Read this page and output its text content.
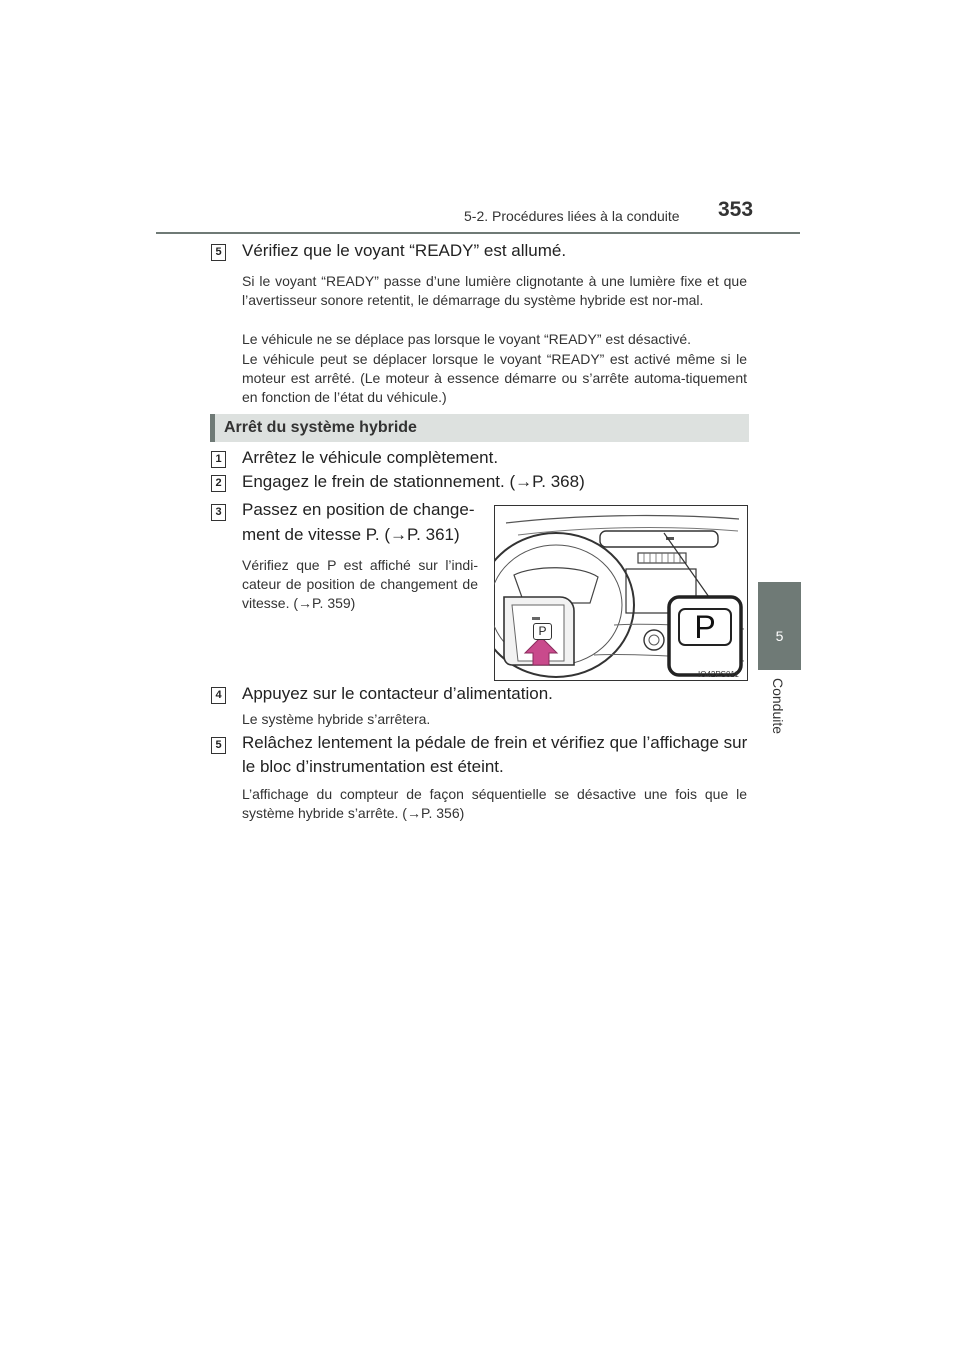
5-2. Procédures liées à la conduite 353
5
Conduite
5 Vérifiez que le voyant “READY” est allumé.
Si le voyant “READY” passe d’une lumière clignotante à une lumière fixe et que l’avertisseur sonore retentit, le démarrage du système hybride est nor-mal.
Le véhicule ne se déplace pas lorsque le voyant “READY” est désactivé.
Le véhicule peut se déplacer lorsque le voyant “READY” est activé même si le moteur est arrêté. (Le moteur à essence démarre ou s’arrête automa-tiquement en fonction de l’état du véhicule.)
Arrêt du système hybride
1 Arrêtez le véhicule complètement.
2 Engagez le frein de stationnement. (→P. 368)
3 Passez en position de change-
ment de vitesse P. (→P. 361)
Vérifiez que P est affiché sur l’indi-cateur de position de changement de vitesse. (→P. 359)
P	P
IO42PS011
4 Appuyez sur le contacteur d’alimentation.
Le système hybride s’arrêtera.
5 Relâchez lentement la pédale de frein et vérifiez que l’affichage sur
le bloc d’instrumentation est éteint.
L’affichage du compteur de façon séquentielle se désactive une fois que le système hybride s’arrête. (→P. 356)
